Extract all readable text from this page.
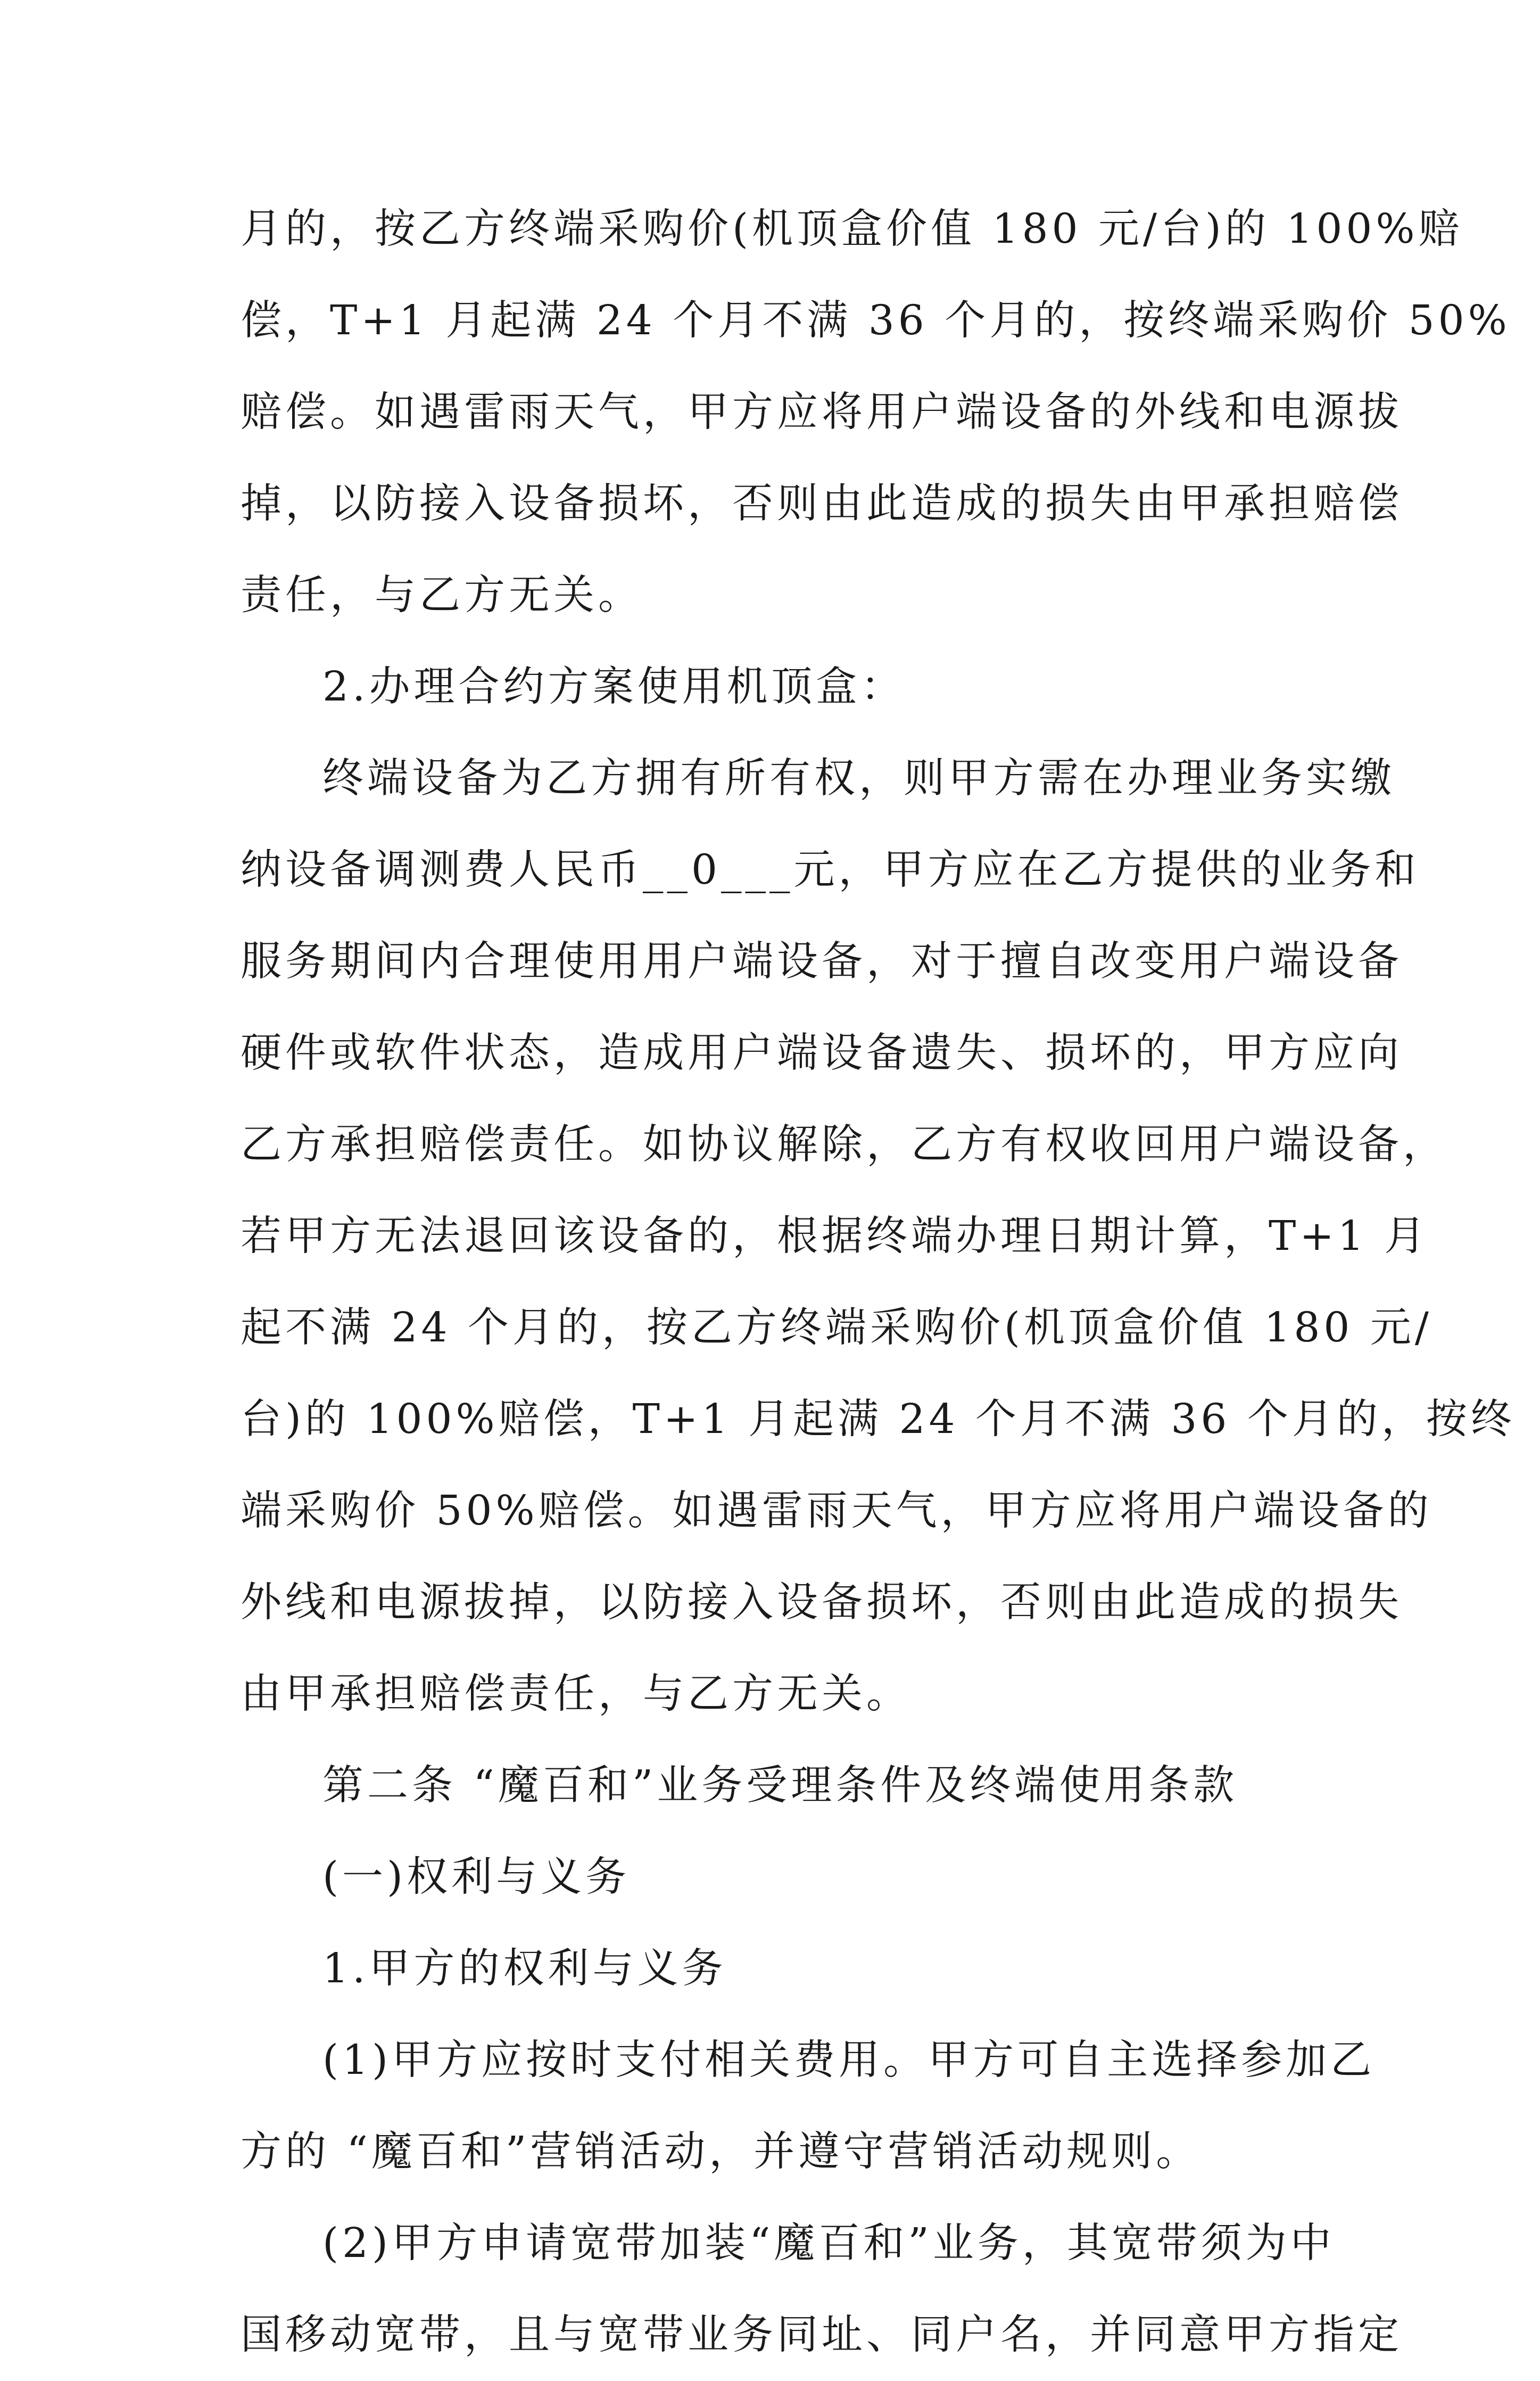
月的，按乙方终端采购价(机顶盒价值 180 元/台)的 100%赔
偿，T+1 月起满 24 个月不满 36 个月的，按终端采购价 50%
赔偿。如遇雷雨天气，甲方应将用户端设备的外线和电源拔
掉，以防接入设备损坏，否则由此造成的损失由甲承担赔偿
责任，与乙方无关。
2.办理合约方案使用机顶盒：
终端设备为乙方拥有所有权，则甲方需在办理业务实缴
纳设备调测费人民币__0___元，甲方应在乙方提供的业务和
服务期间内合理使用用户端设备，对于擅自改变用户端设备
硬件或软件状态，造成用户端设备遗失、损坏的，甲方应向
乙方承担赔偿责任。如协议解除，乙方有权收回用户端设备，
若甲方无法退回该设备的，根据终端办理日期计算，T+1 月
起不满 24 个月的，按乙方终端采购价(机顶盒价值 180 元/
台)的 100%赔偿，T+1 月起满 24 个月不满 36 个月的，按终
端采购价 50%赔偿。如遇雷雨天气，甲方应将用户端设备的
外线和电源拔掉，以防接入设备损坏，否则由此造成的损失
由甲承担赔偿责任，与乙方无关。
第二条 “魔百和”业务受理条件及终端使用条款
(一)权利与义务
1.甲方的权利与义务
(1)甲方应按时支付相关费用。甲方可自主选择参加乙
方的 “魔百和”营销活动，并遵守营销活动规则。
(2)甲方申请宽带加装“魔百和”业务，其宽带须为中
国移动宽带，且与宽带业务同址、同户名，并同意甲方指定
